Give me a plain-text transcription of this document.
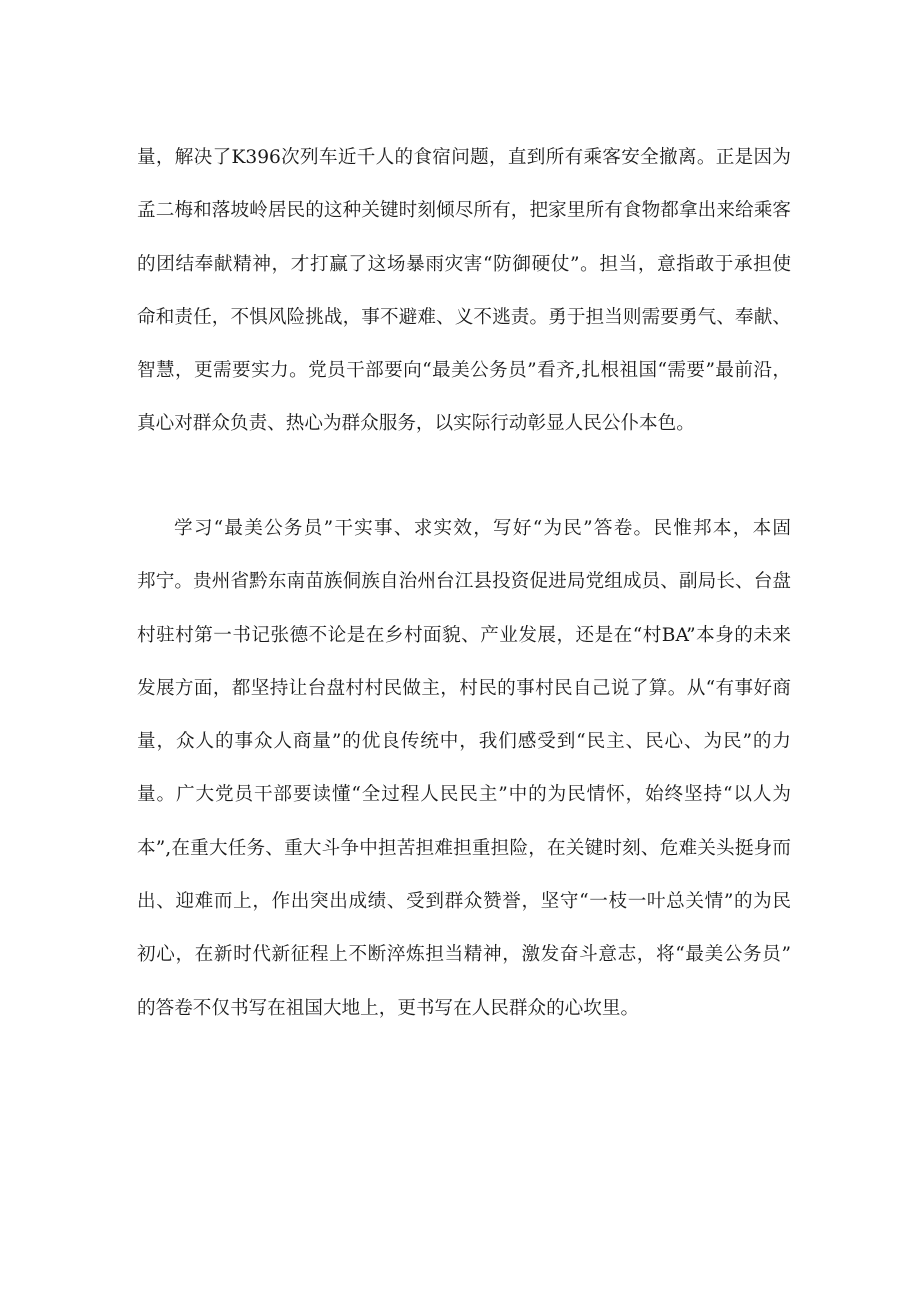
量，解决了K396次列车近千人的食宿问题，直到所有乘客安全撤离。正是因为
孟二梅和落坡岭居民的这种关键时刻倾尽所有，把家里所有食物都拿出来给乘客
的团结奉献精神，才打赢了这场暴雨灾害“防御硬仗”。担当，意指敢于承担使
命和责任，不惧风险挑战，事不避难、义不逃责。勇于担当则需要勇气、奉献、
智慧，更需要实力。党员干部要向“最美公务员”看齐,扎根祖国“需要”最前沿，
真心对群众负责、热心为群众服务，以实际行动彰显人民公仆本色。
学习“最美公务员”干实事、求实效，写好“为民”答卷。民惟邦本，本固
邦宁。贵州省黔东南苗族侗族自治州台江县投资促进局党组成员、副局长、台盘
村驻村第一书记张德不论是在乡村面貌、产业发展，还是在“村BA”本身的未来
发展方面，都坚持让台盘村村民做主，村民的事村民自己说了算。从“有事好商
量，众人的事众人商量”的优良传统中，我们感受到“民主、民心、为民”的力
量。广大党员干部要读懂“全过程人民民主”中的为民情怀，始终坚持“以人为
本”,在重大任务、重大斗争中担苦担难担重担险，在关键时刻、危难关头挺身而
出、迎难而上，作出突出成绩、受到群众赞誉，坚守“一枝一叶总关情”的为民
初心，在新时代新征程上不断淬炼担当精神，激发奋斗意志，将“最美公务员”
的答卷不仅书写在祖国大地上，更书写在人民群众的心坎里。
